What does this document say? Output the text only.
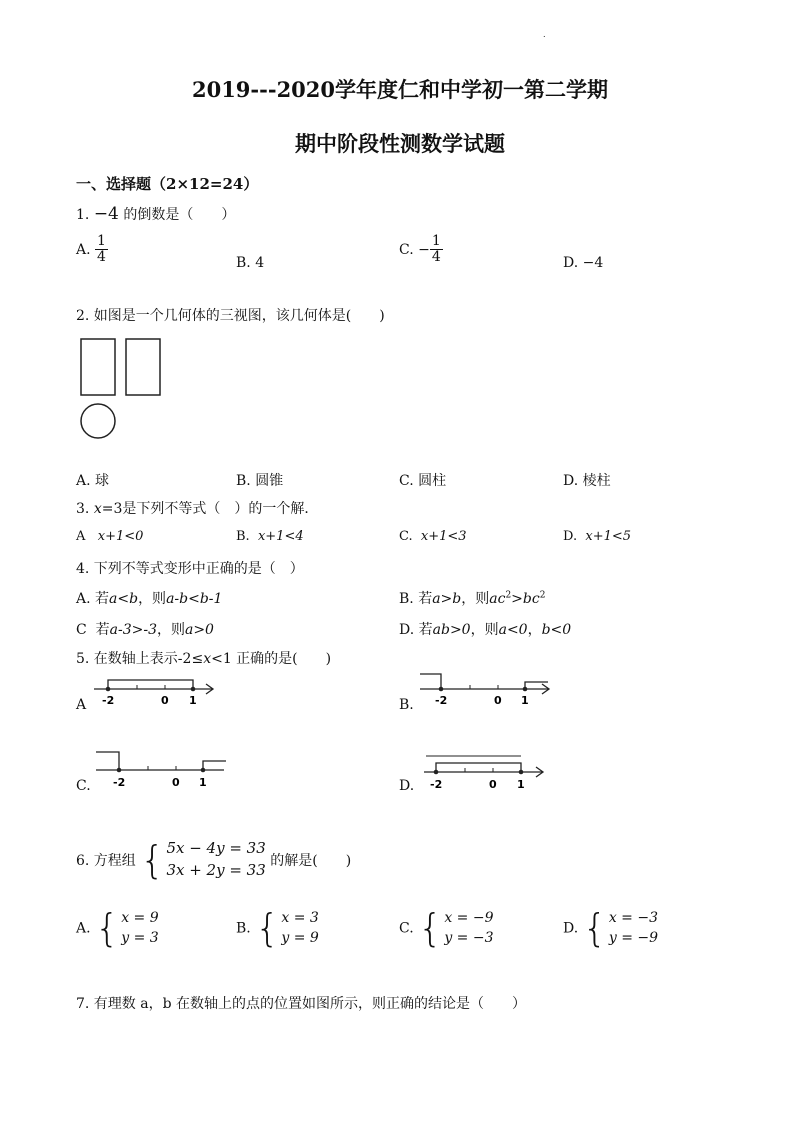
.
2019---2020学年度仁和中学初一第二学期
期中阶段性测数学试题
一、选择题（2×12=24）
1. −4 的倒数是（　　）
A. $\frac{1}{4}$	B. 4
C. − $\frac{1}{4}$	D. −4
2. 如图是一个几何体的三视图，该几何体是(　　)
A. 球	B. 圆锥	C. 圆柱	D. 棱柱
3. x=3是下列不等式（　）的一个解．
A x+1<0	B. x+1<4	C. x+1<3	D. x+1<5
4. 下列不等式变形中正确的是（　）
A. 若a<b，则a-b<b-1	B. 若a>b，则$ac^2>bc^2$
C 若a-3>-3，则a>0	D. 若ab>0，则a<0，b<0
5. 在数轴上表示-2≤x<1 正确的是(　　)
A -2	0 1	B. -2	0 1
C. -2	0 1	D. -2	0 1
6. 方程组 { 5x − 4y = 33
3x + 2y = 33 的解是(　　)
A. { x = 9
y = 3
B. { x = 3
y = 9
C. { x = −9
y = −3
D. { x = −3
y = −9
7. 有理数 a，b 在数轴上的点的位置如图所示，则正确的结论是（　　）
